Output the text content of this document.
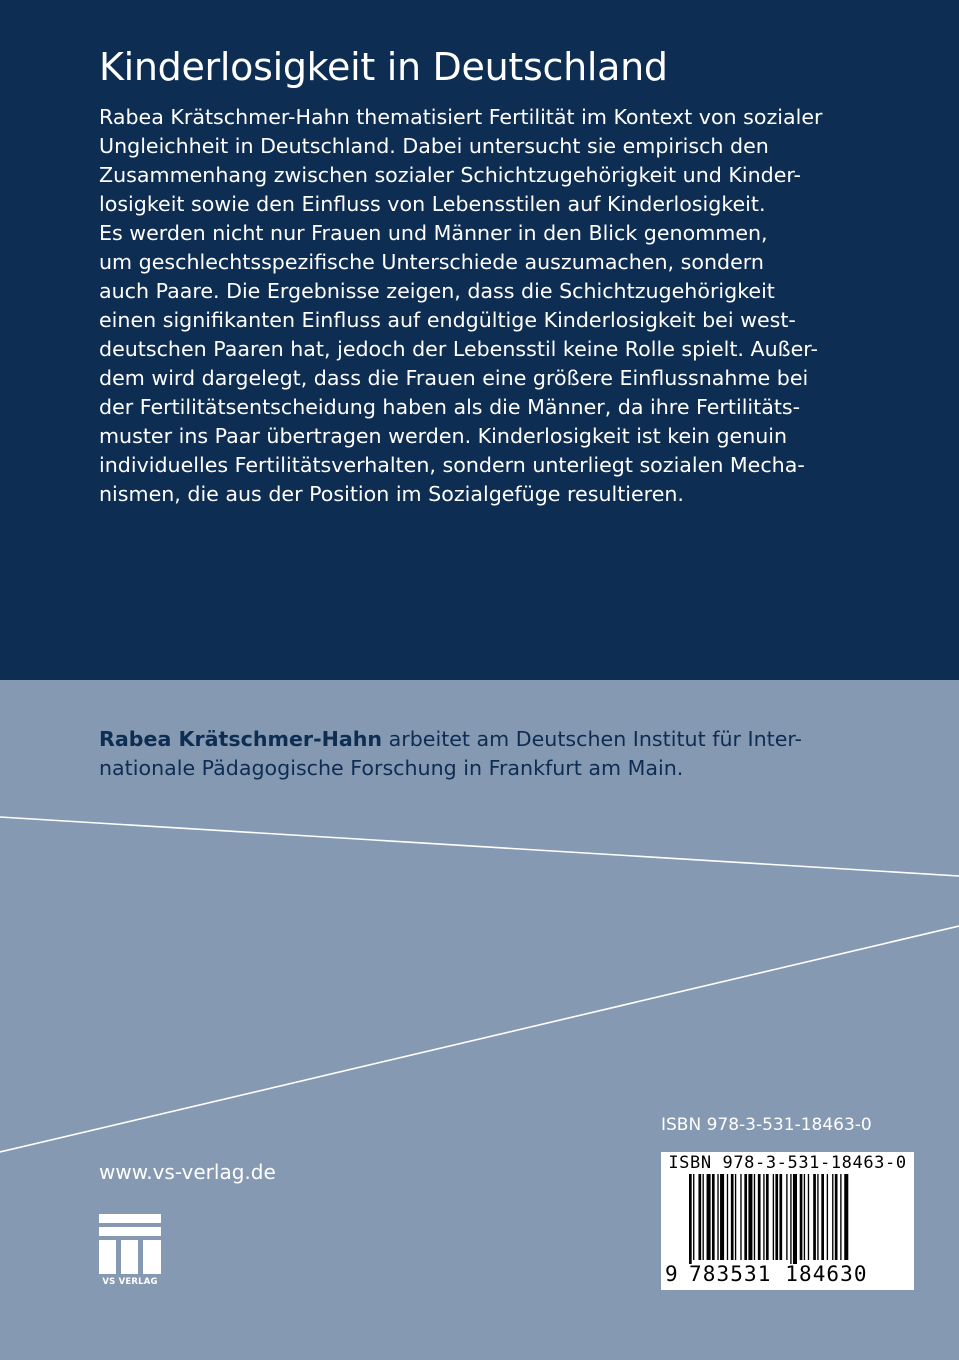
Kinderlosigkeit in Deutschland
Rabea Krätschmer-Hahn thematisiert Fertilität im Kontext von sozialer
Ungleichheit in Deutschland. Dabei untersucht sie empirisch den
Zusammenhang zwischen sozialer Schichtzugehörigkeit und Kinder-
losigkeit sowie den Einfluss von Lebensstilen auf Kinderlosigkeit.
Es werden nicht nur Frauen und Männer in den Blick genommen,
um geschlechtsspezifische Unterschiede auszumachen, sondern
auch Paare. Die Ergebnisse zeigen, dass die Schichtzugehörigkeit
einen signifikanten Einfluss auf endgültige Kinderlosigkeit bei west-
deutschen Paaren hat, jedoch der Lebensstil keine Rolle spielt. Außer-
dem wird dargelegt, dass die Frauen eine größere Einflussnahme bei
der Fertilitätsentscheidung haben als die Männer, da ihre Fertilitäts-
muster ins Paar übertragen werden. Kinderlosigkeit ist kein genuin
individuelles Fertilitätsverhalten, sondern unterliegt sozialen Mecha-
nismen, die aus der Position im Sozialgefüge resultieren.
Rabea Krätschmer-Hahn arbeitet am Deutschen Institut für Inter-
nationale Pädagogische Forschung in Frankfurt am Main.
www.vs-verlag.de
VS VERLAG
ISBN 978-3-531-18463-0
ISBN 978-3-531-18463-0
9 783531 184630
